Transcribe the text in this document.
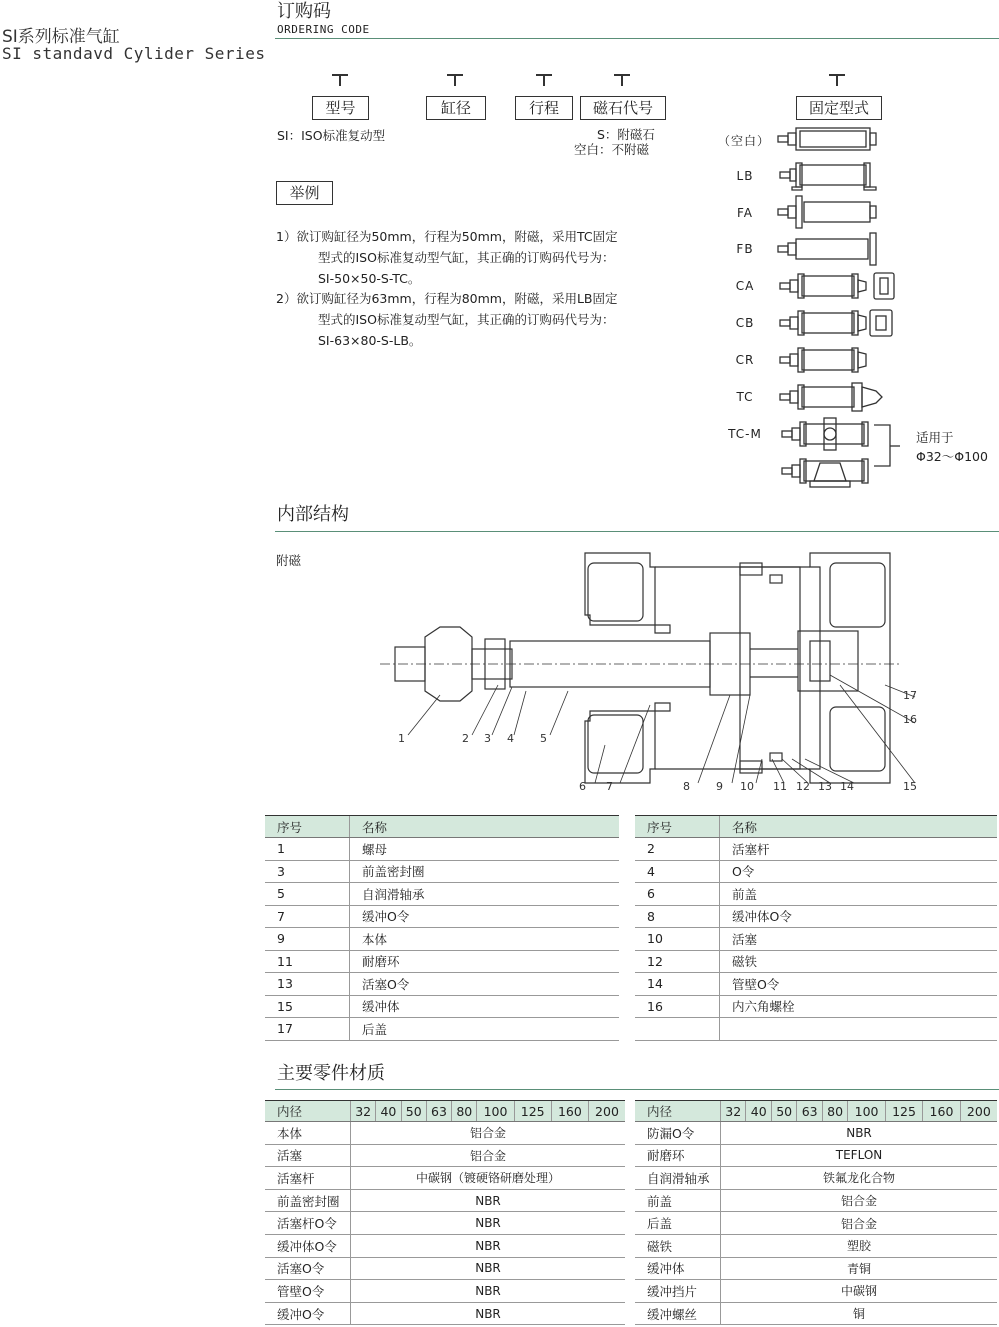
SI系列标准气缸
SI standavd Cylider Series
订购码
ORDERING CODE
型号	缸径	行程	磁石代号	固定型式
SI：ISO标准复动型	S：附磁石
空白：不附磁
举例
1）欲订购缸径为50mm，行程为50mm，附磁，采用TC固定
型式的ISO标准复动型气缸，其正确的订购码代号为：
SI-50×50-S-TC。
2）欲订购缸径为63mm，行程为80mm，附磁，采用LB固定
型式的ISO标准复动型气缸，其正确的订购码代号为：
SI-63×80-S-LB。
（空白）
LB
FA
FB
CA
CB
CR
TC
TC-M	适用于
Φ32～Φ100
内部结构
附磁
1	2 3 4 5
6 7	8 9 10 11 12 13 14	15
16
17
序号	名称
1	螺母
3	前盖密封圈
5	自润滑轴承
7	缓冲O令
9	本体
11	耐磨环
13	活塞O令
15	缓冲体
17	后盖
序号	名称
2	活塞杆
4	O令
6	前盖
8	缓冲体O令
10	活塞
12	磁铁
14	管壁O令
16	内六角螺栓

主要零件材质
内径	32	40	50	63	80	100	125	160	200
本体	铝合金								
活塞	铝合金								
活塞杆	中碳钢（镀硬铬研磨处理）								
前盖密封圈	NBR								
活塞杆O令	NBR								
缓冲体O令	NBR								
活塞O令	NBR								
管壁O令	NBR								
缓冲O令	NBR								
内径	32	40	50	63	80	100	125	160	200
防漏O令	NBR								
耐磨环	TEFLON								
自润滑轴承	铁氟龙化合物								
前盖	铝合金								
后盖	铝合金								
磁铁	塑胶								
缓冲体	青铜								
缓冲挡片	中碳钢								
缓冲螺丝	铜								
